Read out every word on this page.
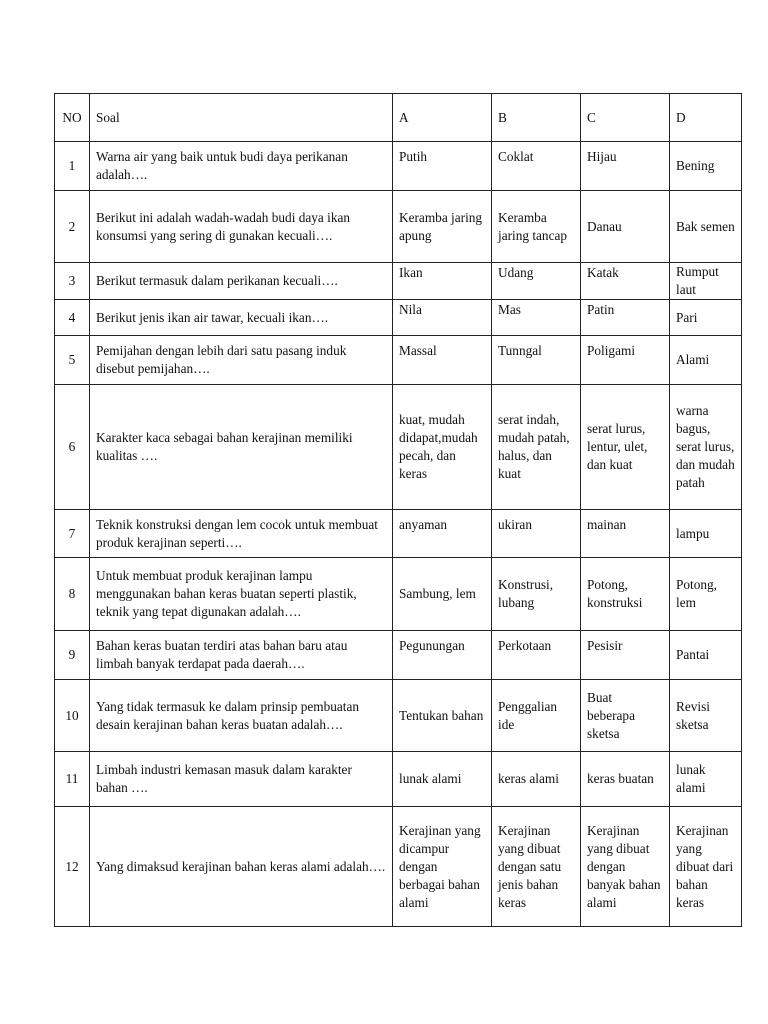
NO	Soal	A	B	C	D
1	Warna air yang baik untuk budi daya perikanan adalah….	Putih	Coklat	Hijau	Bening
2	Berikut ini adalah wadah-wadah budi daya ikan konsumsi yang sering di gunakan kecuali….	Keramba jaring apung	Keramba jaring tancap	Danau	Bak semen
3	Berikut termasuk dalam perikanan kecuali….	Ikan	Udang	Katak	Rumput laut
4	Berikut jenis ikan air tawar, kecuali ikan….	Nila	Mas	Patin	Pari
5	Pemijahan dengan lebih dari satu pasang induk disebut pemijahan….	Massal	Tunngal	Poligami	Alami
6	Karakter kaca sebagai bahan kerajinan memiliki kualitas ….	kuat, mudah didapat,mudah pecah, dan keras	serat indah, mudah patah, halus, dan kuat	serat lurus, lentur, ulet, dan kuat	warna bagus, serat lurus, dan mudah patah
7	Teknik konstruksi dengan lem cocok untuk membuat produk kerajinan seperti….	anyaman	ukiran	mainan	lampu
8	Untuk membuat produk kerajinan lampu menggunakan bahan keras buatan seperti plastik, teknik yang tepat digunakan adalah….	Sambung, lem	Konstrusi, lubang	Potong, konstruksi	Potong, lem
9	Bahan keras buatan terdiri atas bahan baru atau limbah banyak terdapat pada daerah….	Pegunungan	Perkotaan	Pesisir	Pantai
10	Yang tidak termasuk ke dalam prinsip pembuatan desain kerajinan bahan keras buatan adalah….	Tentukan bahan	Penggalian ide	Buat beberapa sketsa	Revisi sketsa
11	Limbah industri kemasan masuk dalam karakter bahan ….	lunak alami	keras alami	keras buatan	lunak alami
12	Yang dimaksud kerajinan bahan keras alami adalah….	Kerajinan yang dicampur dengan berbagai bahan alami	Kerajinan yang dibuat dengan satu jenis bahan keras	Kerajinan yang dibuat dengan banyak bahan alami	Kerajinan yang dibuat dari bahan keras
